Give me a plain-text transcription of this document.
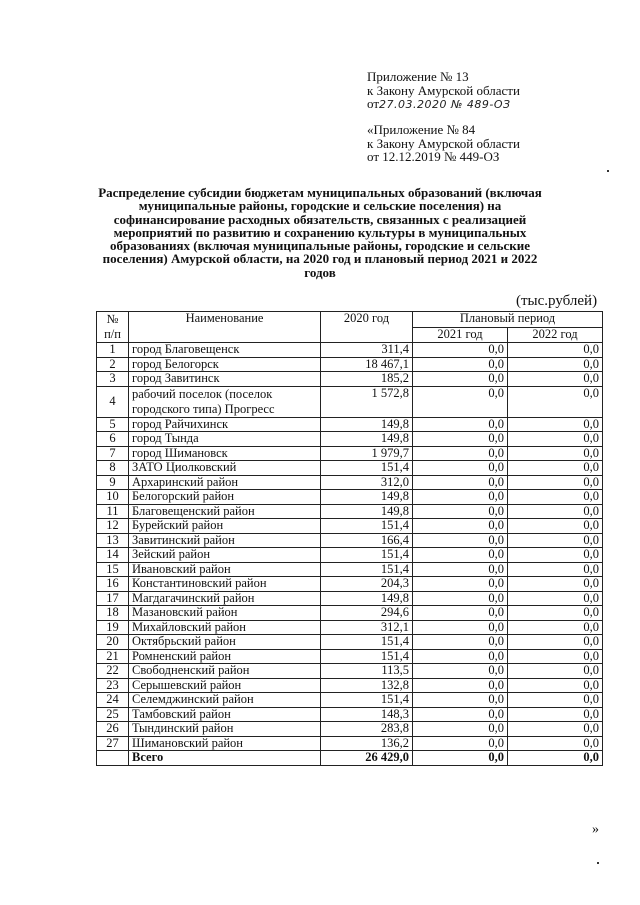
Приложение № 13
к Закону Амурской области
от27.03.2020 № 489-ОЗ
«Приложение № 84
к Закону Амурской области
от 12.12.2019 № 449-ОЗ
Распределение субсидии бюджетам муниципальных образований (включая муниципальные районы, городские и сельские поселения) на софинансирование расходных обязательств, связанных с реализацией мероприятий по развитию и сохранению культуры в муниципальных образованиях (включая муниципальные районы, городские и сельские поселения) Амурской области, на 2020 год и плановый период 2021 и 2022 годов
(тыс.рублей)
№ п/п	Наименование	2020 год	Плановый период	
			2021 год	2022 год
1	город Благовещенск	311,4	0,0	0,0
2	город Белогорск	18 467,1	0,0	0,0
3	город Завитинск	185,2	0,0	0,0
4	рабочий поселок (поселок городского типа) Прогресс	1 572,8	0,0	0,0
5	город Райчихинск	149,8	0,0	0,0
6	город Тында	149,8	0,0	0,0
7	город Шимановск	1 979,7	0,0	0,0
8	ЗАТО Циолковский	151,4	0,0	0,0
9	Архаринский район	312,0	0,0	0,0
10	Белогорский район	149,8	0,0	0,0
11	Благовещенский район	149,8	0,0	0,0
12	Бурейский район	151,4	0,0	0,0
13	Завитинский район	166,4	0,0	0,0
14	Зейский район	151,4	0,0	0,0
15	Ивановский район	151,4	0,0	0,0
16	Константиновский район	204,3	0,0	0,0
17	Магдагачинский район	149,8	0,0	0,0
18	Мазановский район	294,6	0,0	0,0
19	Михайловский район	312,1	0,0	0,0
20	Октябрьский район	151,4	0,0	0,0
21	Ромненский район	151,4	0,0	0,0
22	Свободненский район	113,5	0,0	0,0
23	Серышевский район	132,8	0,0	0,0
24	Селемджинский район	151,4	0,0	0,0
25	Тамбовский район	148,3	0,0	0,0
26	Тындинский район	283,8	0,0	0,0
27	Шимановский район	136,2	0,0	0,0
	Всего	26 429,0	0,0	0,0
»
